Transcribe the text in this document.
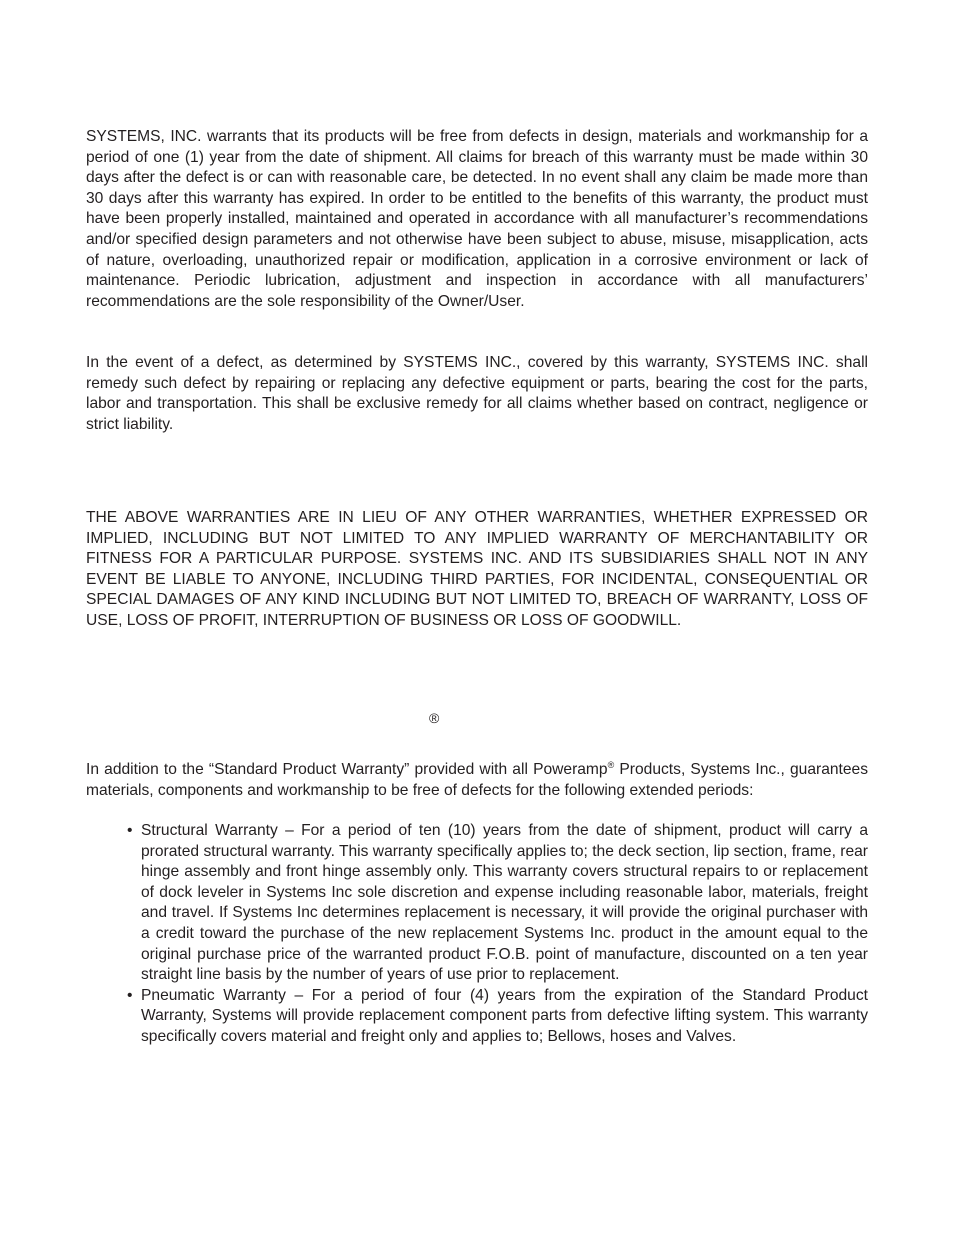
SYSTEMS, INC. warrants that its products will be free from defects in design, materials and workmanship for a period of one (1) year from the date of shipment. All claims for breach of this warranty must be made within 30 days after the defect is or can with reasonable care, be detected. In no event shall any claim be made more than 30 days after this warranty has expired. In order to be entitled to the benefits of this warranty, the product must have been properly installed, maintained and operated in accordance with all manufacturer’s recommendations and/or specified design parameters and not otherwise have been subject to abuse, misuse, misapplication, acts of nature, overloading, unauthorized repair or modification, application in a corrosive environment or lack of maintenance. Periodic lubrication, adjustment and inspection in accordance with all manufacturers’ recommendations are the sole responsibility of the Owner/User.

In the event of a defect, as determined by SYSTEMS INC., covered by this warranty, SYSTEMS INC. shall remedy such defect by repairing or replacing any defective equipment or parts, bearing the cost for the parts, labor and transportation. This shall be exclusive remedy for all claims whether based on contract, negligence or strict liability.

THE ABOVE WARRANTIES ARE IN LIEU OF ANY OTHER WARRANTIES, WHETHER EXPRESSED OR IMPLIED, INCLUDING BUT NOT LIMITED TO ANY IMPLIED WARRANTY OF MERCHANTABILITY OR FITNESS FOR A PARTICULAR PURPOSE. SYSTEMS INC. AND ITS SUBSIDIARIES SHALL NOT IN ANY EVENT BE LIABLE TO ANYONE, INCLUDING THIRD PARTIES, FOR INCIDENTAL, CONSEQUENTIAL OR SPECIAL DAMAGES OF ANY KIND INCLUDING BUT NOT LIMITED TO, BREACH OF WARRANTY, LOSS OF USE, LOSS OF PROFIT, INTERRUPTION OF BUSINESS OR LOSS OF GOODWILL.

®

In addition to the “Standard Product Warranty” provided with all Poweramp® Products, Systems Inc., guarantees materials, components and workmanship to be free of defects for the following extended periods:

• Structural Warranty – For a period of ten (10) years from the date of shipment, product will carry a prorated structural warranty. This warranty specifically applies to; the deck section, lip section, frame, rear hinge assembly and front hinge assembly only. This warranty covers structural repairs to or replacement of dock leveler in Systems Inc sole discretion and expense including reasonable labor, materials, freight and travel. If Systems Inc determines replacement is necessary, it will provide the original purchaser with a credit toward the purchase of the new replacement Systems Inc. product in the amount equal to the original purchase price of the warranted product F.O.B. point of manufacture, discounted on a ten year straight line basis by the number of years of use prior to replacement.
• Pneumatic Warranty – For a period of four (4) years from the expiration of the Standard Product Warranty, Systems will provide replacement component parts from defective lifting system. This warranty specifically covers material and freight only and applies to; Bellows, hoses and Valves.
